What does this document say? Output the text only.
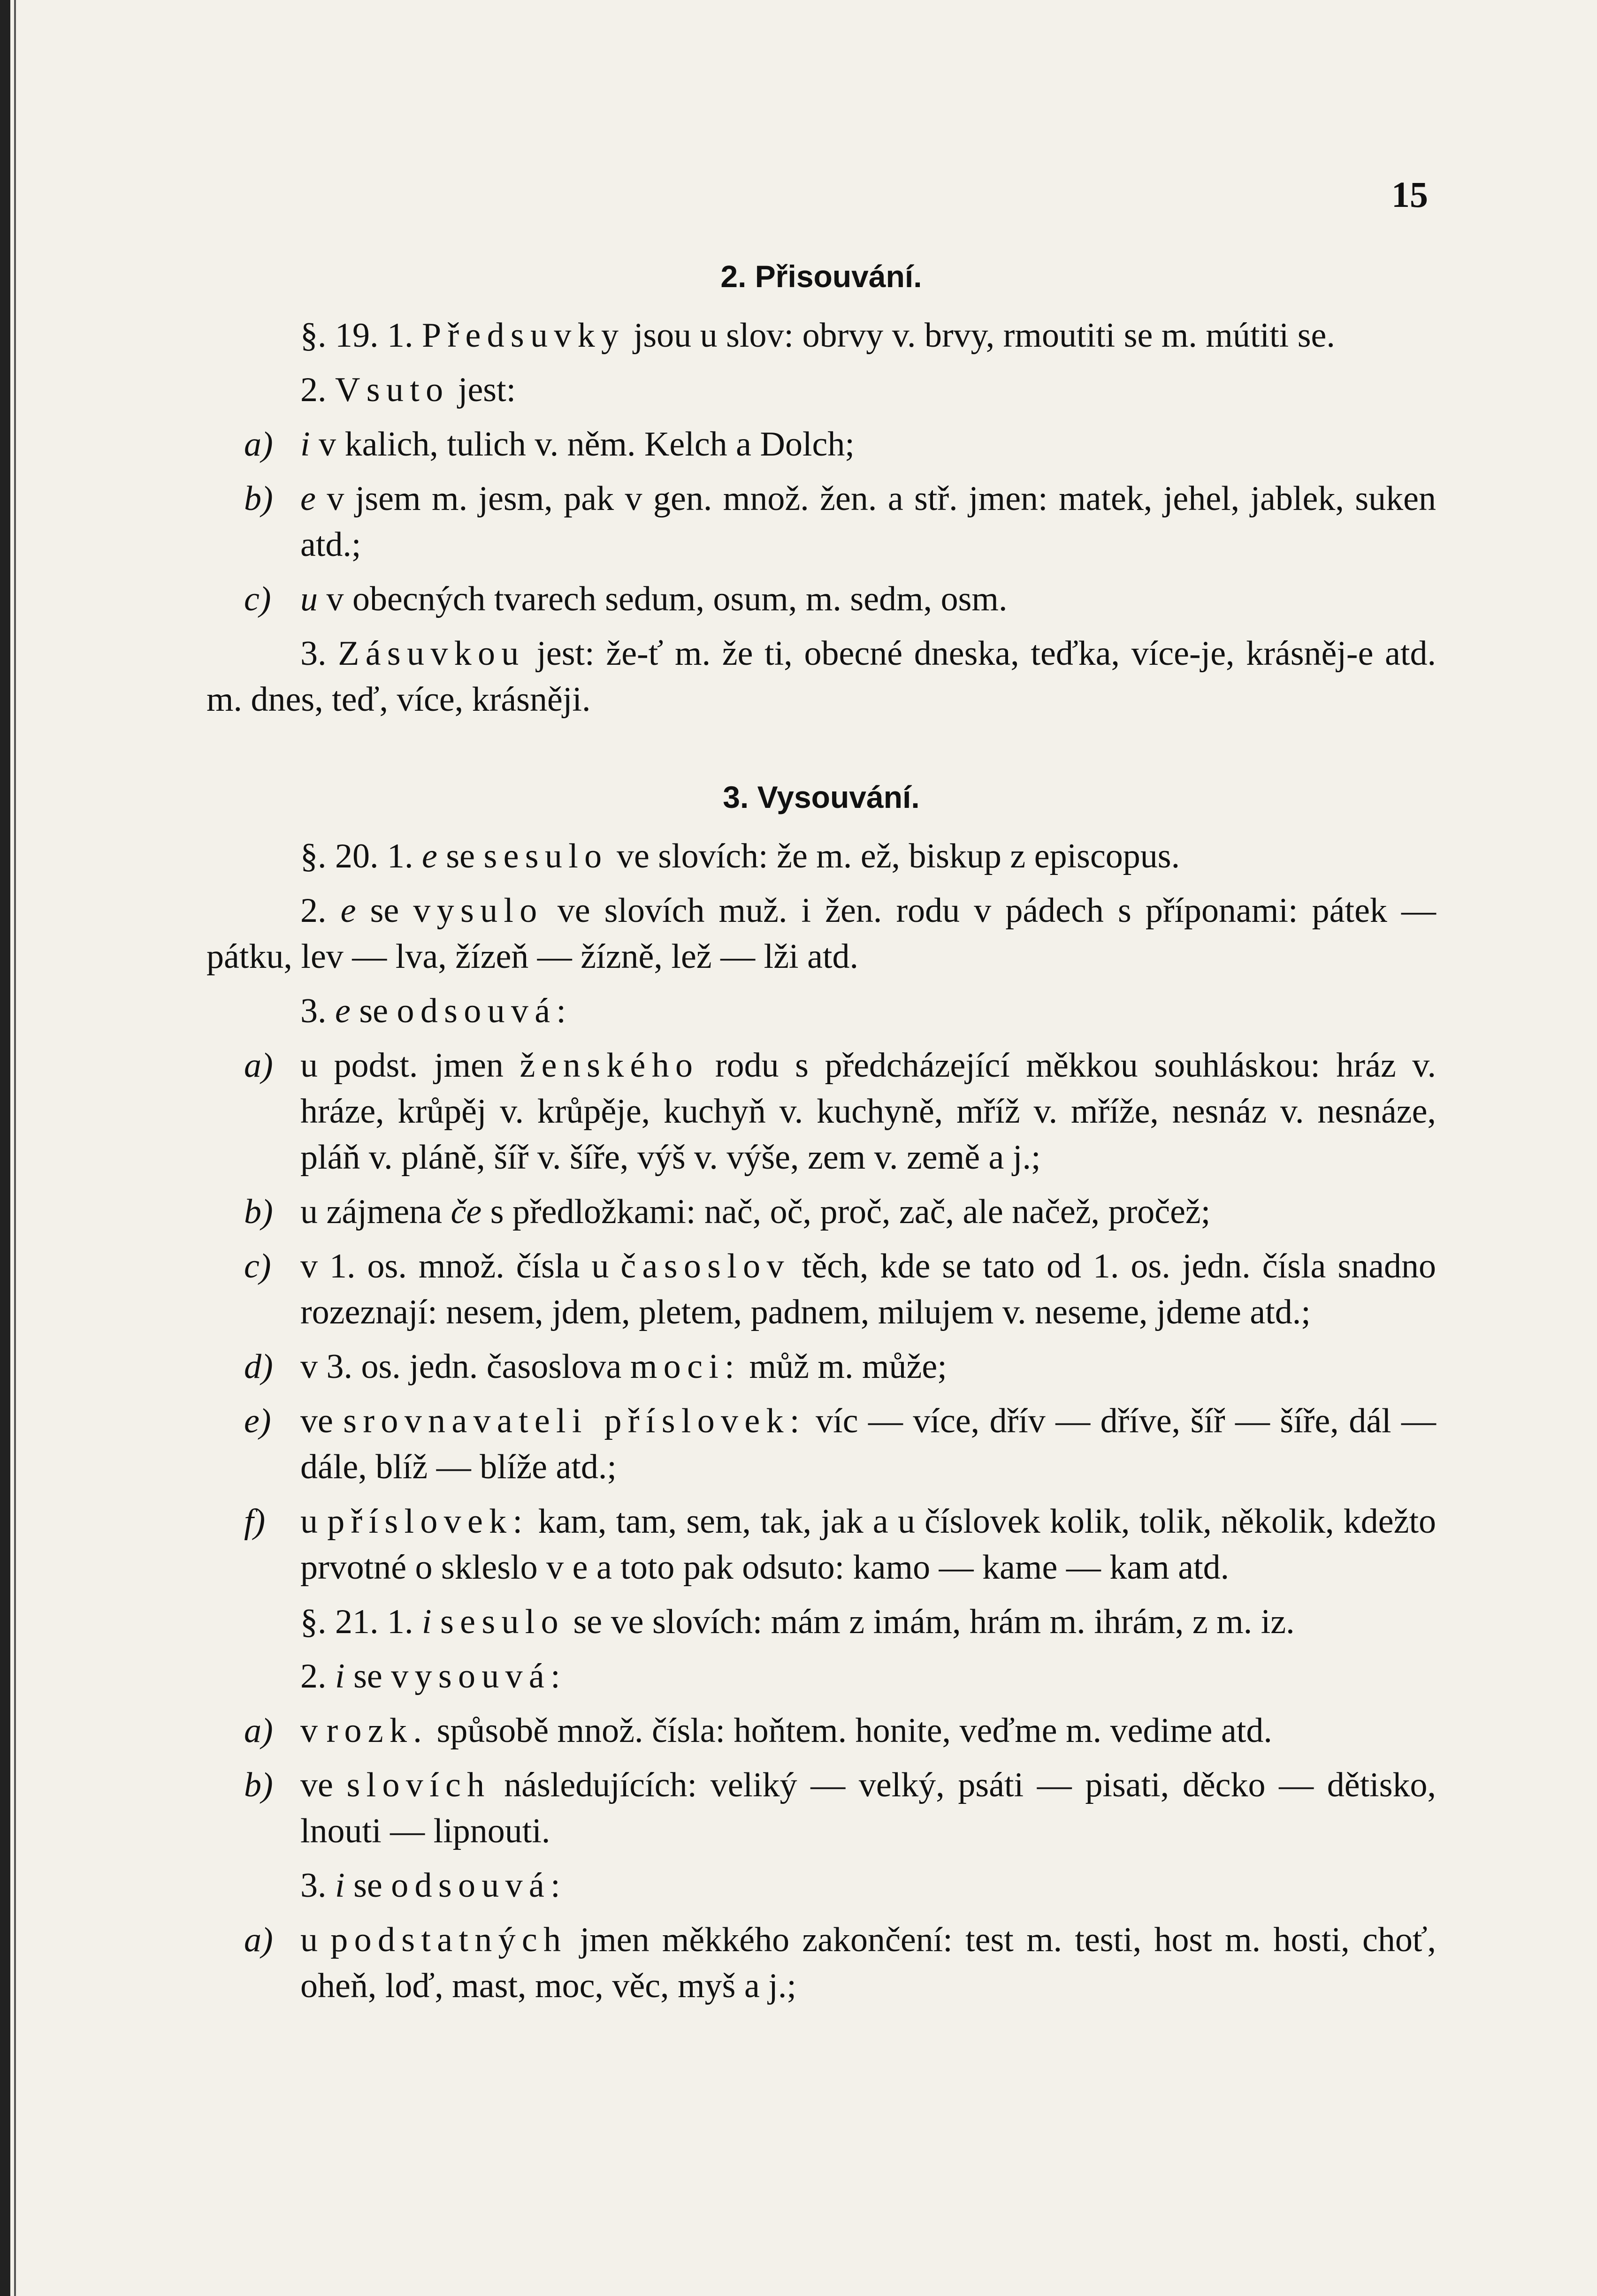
15
2. Přisouvání.

§. 19. 1. Předsuvky jsou u slov: obrvy v. brvy, rmoutiti se m. mútiti se.

2. Vsuto jest:

a) i v kalich, tulich v. něm. Kelch a Dolch;
b) e v jsem m. jesm, pak v gen. množ. žen. a stř. jmen: matek, jehel, jablek, suken atd.;
c) u v obecných tvarech sedum, osum, m. sedm, osm.

3. Zásuvkou jest: že-ť m. že ti, obecné dneska, teďka, více-je, krásněj-e atd. m. dnes, teď, více, krásněji.

3. Vysouvání.

§. 20. 1. e se sesulo ve slovích: že m. ež, biskup z episcopus.

2. e se vysulo ve slovích muž. i žen. rodu v pádech s příponami: pátek — pátku, lev — lva, žízeň — žízně, lež — lži atd.

3. e se odsouvá:

a) u podst. jmen ženského rodu s předcházející měkkou souhláskou: hráz v. hráze, krůpěj v. krůpěje, kuchyň v. kuchyně, mříž v. mříže, nesnáz v. nesnáze, pláň v. pláně, šíř v. šíře, výš v. výše, zem v. země a j.;
b) u zájmena če s předložkami: nač, oč, proč, zač, ale načež, pročež;
c) v 1. os. množ. čísla u časoslov těch, kde se tato od 1. os. jedn. čísla snadno rozeznají: nesem, jdem, pletem, padnem, milujem v. neseme, jdeme atd.;
d) v 3. os. jedn. časoslova moci: můž m. může;
e) ve srovnavateli příslovek: víc — více, dřív — dříve, šíř — šíře, dál — dále, blíž — blíže atd.;
f) u příslovek: kam, tam, sem, tak, jak a u číslovek kolik, tolik, několik, kdežto prvotné o skleslo v e a toto pak odsuto: kamo — kame — kam atd.

§. 21. 1. i sesulo se ve slovích: mám z imám, hrám m. ihrám, z m. iz.

2. i se vysouvá:

a) v rozk. spůsobě množ. čísla: hoňtem. honite, veďme m. vedime atd.
b) ve slovích následujících: veliký — velký, psáti — pisati, děcko — dětisko, lnouti — lipnouti.

3. i se odsouvá:

a) u podstatných jmen měkkého zakončení: test m. testi, host m. hosti, choť, oheň, loď, mast, moc, věc, myš a j.;
